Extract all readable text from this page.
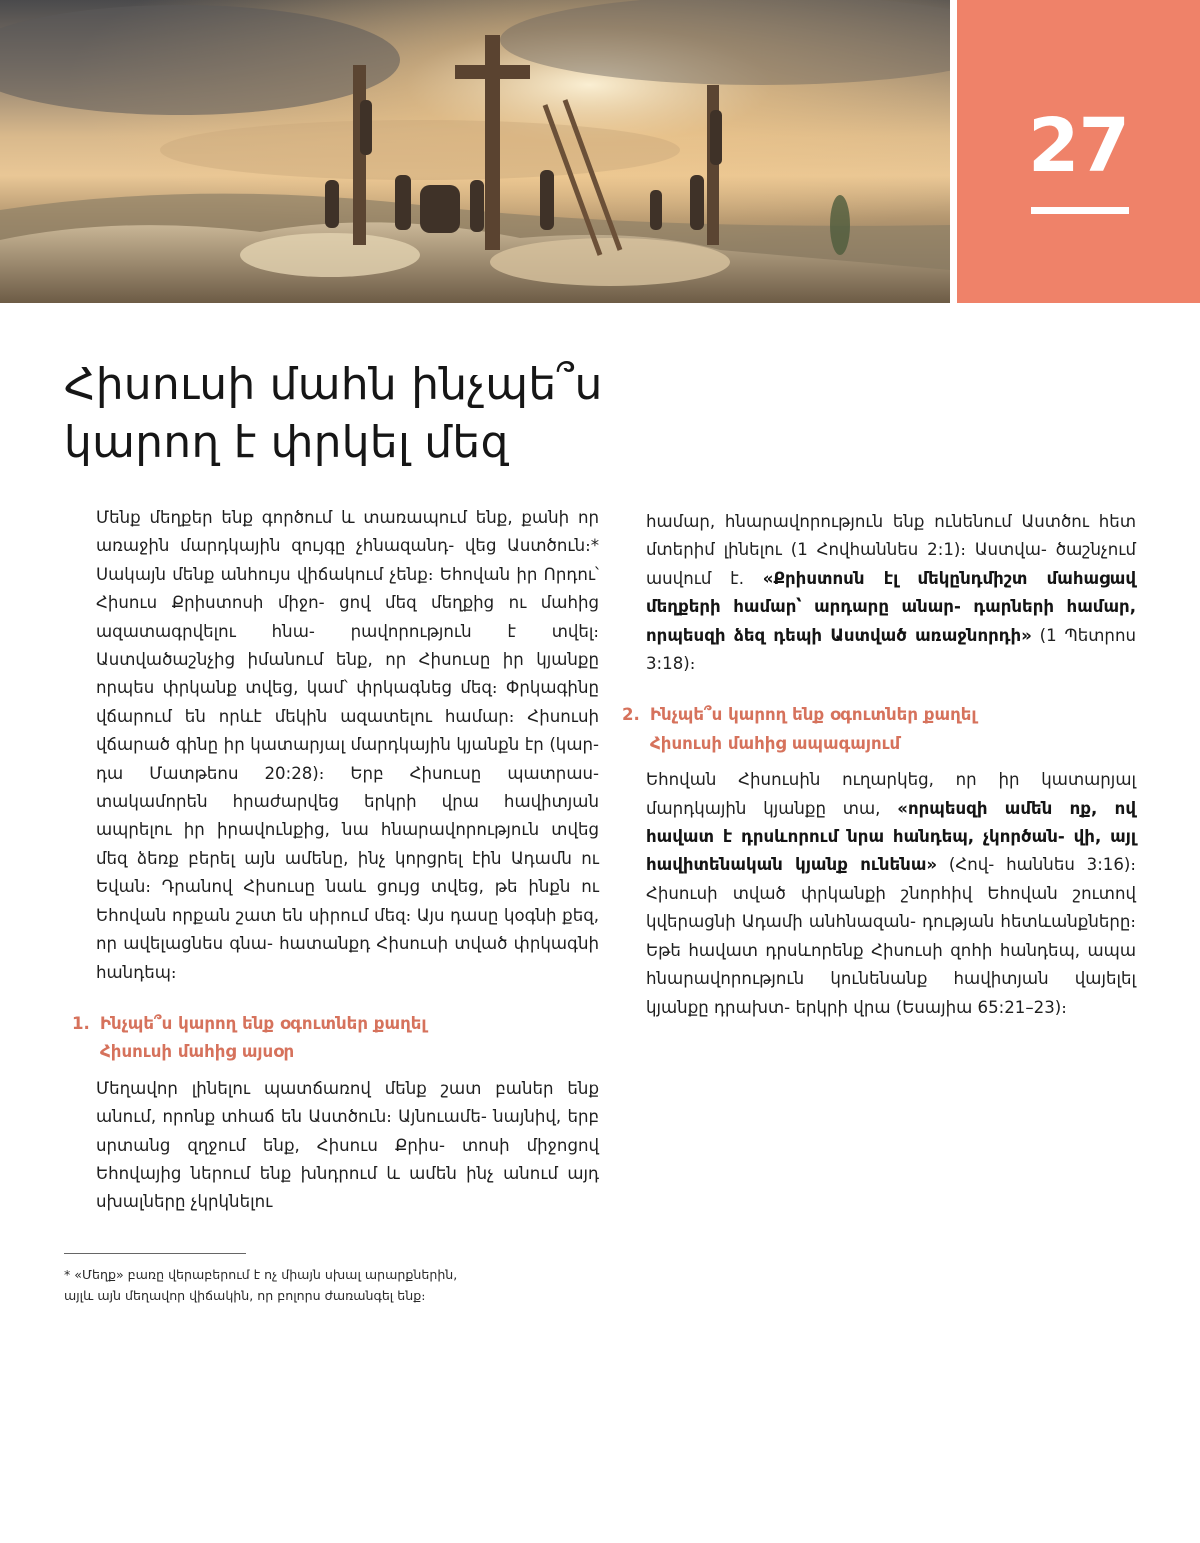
27
Հիսուսի մահն ինչպե՞ս
կարող է փրկել մեզ

Մենք մեղքեր ենք գործում և տառապում ենք, քանի որ առաջին մարդկային զույգը չհնազանդ- վեց Աստծուն։* Սակայն մենք անհույս վիճակում չենք։ Եհովան իր Որդու՝ Հիսուս Քրիստոսի միջո- ցով մեզ մեղքից ու մահից ազատագրվելու հնա- րավորություն է տվել։ Աստվածաշնչից իմանում ենք, որ Հիսուսը իր կյանքը որպես փրկանք տվեց, կամ՝ փրկագնեց մեզ։ Փրկագինը վճարում են որևէ մեկին ազատելու համար։ Հիսուսի վճարած գինը իր կատարյալ մարդկային կյանքն էր (կար- դա Մատթեոս 20:28)։ Երբ Հիսուսը պատրաս- տակամորեն հրաժարվեց երկրի վրա հավիտյան ապրելու իր իրավունքից, նա հնարավորություն տվեց մեզ ձեռք բերել այն ամենը, ինչ կորցրել էին Ադամն ու Եվան։ Դրանով Հիսուսը նաև ցույց տվեց, թե ինքն ու Եհովան որքան շատ են սիրում մեզ։ Այս դասը կօգնի քեզ, որ ավելացնես գնա- հատանքդ Հիսուսի տված փրկագնի հանդեպ։

1. Ինչպե՞ս կարող ենք օգուտներ քաղել
Հիսուսի մահից այսօր

Մեղավոր լինելու պատճառով մենք շատ բաներ ենք անում, որոնք տհաճ են Աստծուն։ Այնուամե- նայնիվ, երբ սրտանց զղջում ենք, Հիսուս Քրիս- տոսի միջոցով Եհովայից ներում ենք խնդրում և ամեն ինչ անում այդ սխալները չկրկնելու

համար, հնարավորություն ենք ունենում Աստծու հետ մտերիմ լինելու (1 Հովհաննես 2:1)։ Աստվա- ծաշնչում ասվում է. «Քրիստոսն էլ մեկընդմիշտ մահացավ մեղքերի համար՝ արդարը անար- դարների համար, որպեսզի ձեզ դեպի Աստված առաջնորդի» (1 Պետրոս 3:18)։

2. Ինչպե՞ս կարող ենք օգուտներ քաղել
Հիսուսի մահից ապագայում

Եհովան Հիսուսին ուղարկեց, որ իր կատարյալ մարդկային կյանքը տա, «որպեսզի ամեն ոք, ով հավատ է դրսևորում նրա հանդեպ, չկործան- վի, այլ հավիտենական կյանք ունենա» (Հով- հաննես 3:16)։ Հիսուսի տված փրկանքի շնորհիվ Եհովան շուտով կվերացնի Ադամի անհնազան- դության հետևանքները։ Եթե հավատ դրսևորենք Հիսուսի զոհի հանդեպ, ապա հնարավորություն կունենանք հավիտյան վայելել կյանքը դրախտ- երկրի վրա (Եսայիա 65:21–23)։

* «Մեղք» բառը վերաբերում է ոչ միայն սխալ արարքներին,
այլև այն մեղավոր վիճակին, որ բոլորս ժառանգել ենք։
